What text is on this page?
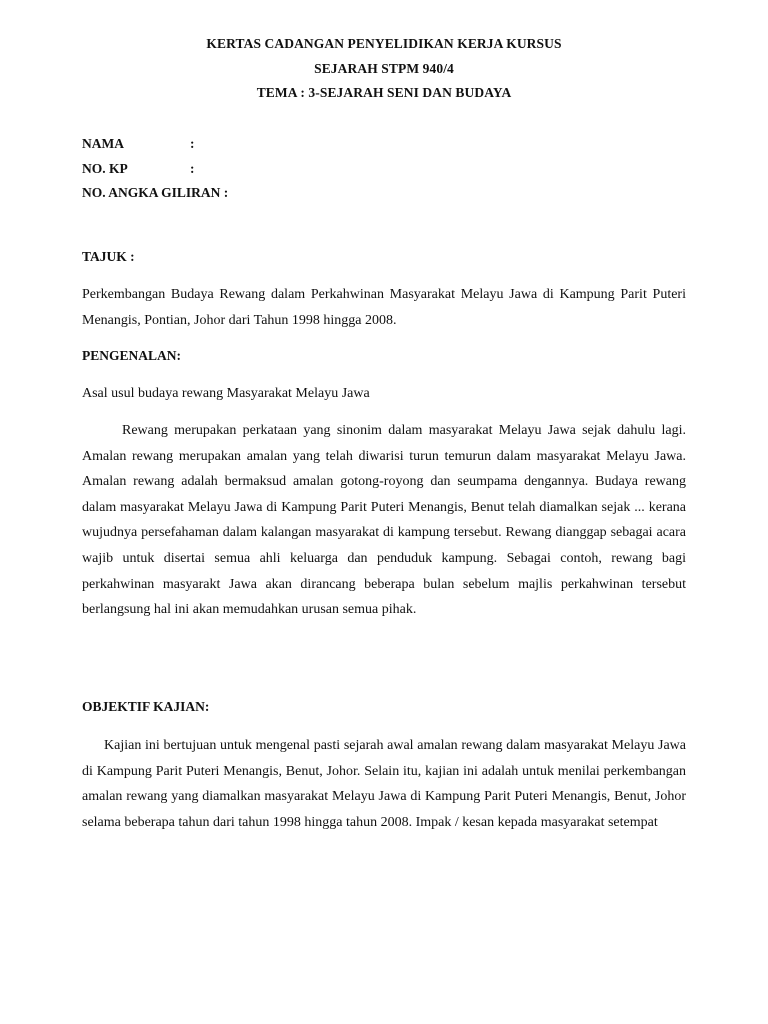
KERTAS CADANGAN PENYELIDIKAN KERJA KURSUS
SEJARAH STPM 940/4
TEMA : 3-SEJARAH SENI DAN BUDAYA
NAMA	:
NO. KP	:
NO. ANGKA GILIRAN :
TAJUK :
Perkembangan Budaya Rewang dalam Perkahwinan Masyarakat Melayu Jawa di Kampung Parit Puteri Menangis, Pontian, Johor dari Tahun 1998 hingga 2008.
PENGENALAN:
Asal usul budaya rewang Masyarakat Melayu Jawa
Rewang merupakan perkataan yang sinonim dalam masyarakat Melayu Jawa sejak dahulu lagi. Amalan rewang merupakan amalan yang telah diwarisi turun temurun dalam masyarakat Melayu Jawa. Amalan rewang adalah bermaksud amalan gotong-royong dan seumpama dengannya. Budaya rewang dalam masyarakat Melayu Jawa di Kampung Parit Puteri Menangis, Benut telah diamalkan sejak ... kerana wujudnya persefahaman dalam kalangan masyarakat di kampung tersebut. Rewang dianggap sebagai acara wajib untuk disertai semua ahli keluarga dan penduduk kampung. Sebagai contoh, rewang bagi perkahwinan masyarakt Jawa akan dirancang beberapa bulan sebelum majlis perkahwinan tersebut berlangsung hal ini akan memudahkan urusan semua pihak.
OBJEKTIF KAJIAN:
Kajian ini bertujuan untuk mengenal pasti sejarah awal amalan rewang dalam masyarakat Melayu Jawa di Kampung Parit Puteri Menangis, Benut, Johor. Selain itu, kajian ini adalah untuk menilai perkembangan amalan rewang yang diamalkan masyarakat Melayu Jawa di Kampung Parit Puteri Menangis, Benut, Johor selama beberapa tahun dari tahun 1998 hingga tahun 2008. Impak / kesan kepada masyarakat setempat
